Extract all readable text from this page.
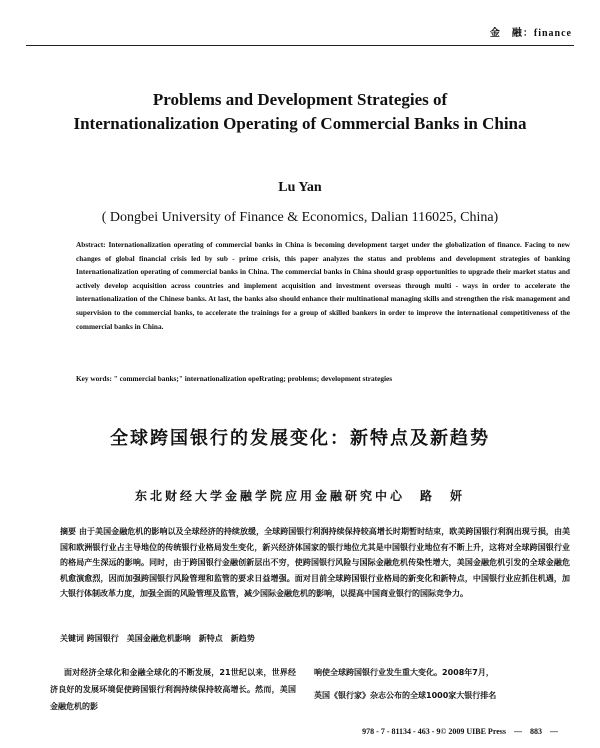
金　融：finance
Problems and Development Strategies of
Internationalization Operating of Commercial Banks in China
Lu Yan
( Dongbei University of Finance & Economics, Dalian 116025, China)
Abstract: Internationalization operating of commercial banks in China is becoming development target under the globalization of finance. Facing to new changes of global financial crisis led by sub - prime crisis, this paper analyzes the status and problems and development strategies of banking Internationalization operating of commercial banks in China. The commercial banks in China should grasp opportunities to upgrade their market status and actively develop acquisition across countries and implement acquisition and investment overseas through multi - ways in order to accelerate the internationalization of the Chinese banks. At last, the banks also should enhance their multinational managing skills and strengthen the risk management and supervision to the commercial banks, to accelerate the trainings for a group of skilled bankers in order to improve the international competitiveness of the commercial banks in China.
Key words: " commercial banks;" internationalization opeRrating; problems; development strategies
全球跨国银行的发展变化：新特点及新趋势
东北财经大学金融学院应用金融研究中心　路　妍
摘要 由于美国金融危机的影响以及全球经济的持续放缓，全球跨国银行利润持续保持较高增长时期暂时结束，欧美跨国银行利润出现亏损，由美国和欧洲银行业占主导地位的传统银行业格局发生变化，新兴经济体国家的银行地位尤其是中国银行业地位有不断上升，这将对全球跨国银行业的格局产生深远的影响。同时，由于跨国银行金融创新层出不穷，使跨国银行风险与国际金融危机传染性增大，美国金融危机引发的全球金融危机愈演愈烈，因而加强跨国银行风险管理和监管的要求日益增强。面对目前全球跨国银行业格局的新变化和新特点，中国银行业应抓住机遇，加大银行体制改革力度，加强全面的风险管理及监管，减少国际金融危机的影响，以提高中国商业银行的国际竞争力。
关键词 跨国银行　美国金融危机影响　新特点　新趋势
面对经济全球化和金融全球化的不断发展，21世纪以来，世界经济良好的发展环境促使跨国银行利润持续保持较高增长。然而，美国金融危机的影

响使全球跨国银行业发生重大变化。2008年7月，

英国《银行家》杂志公布的全球1000家大银行排名

978 - 7 - 81134 - 463 - 9© 2009 UIBE Press　—　883　—
